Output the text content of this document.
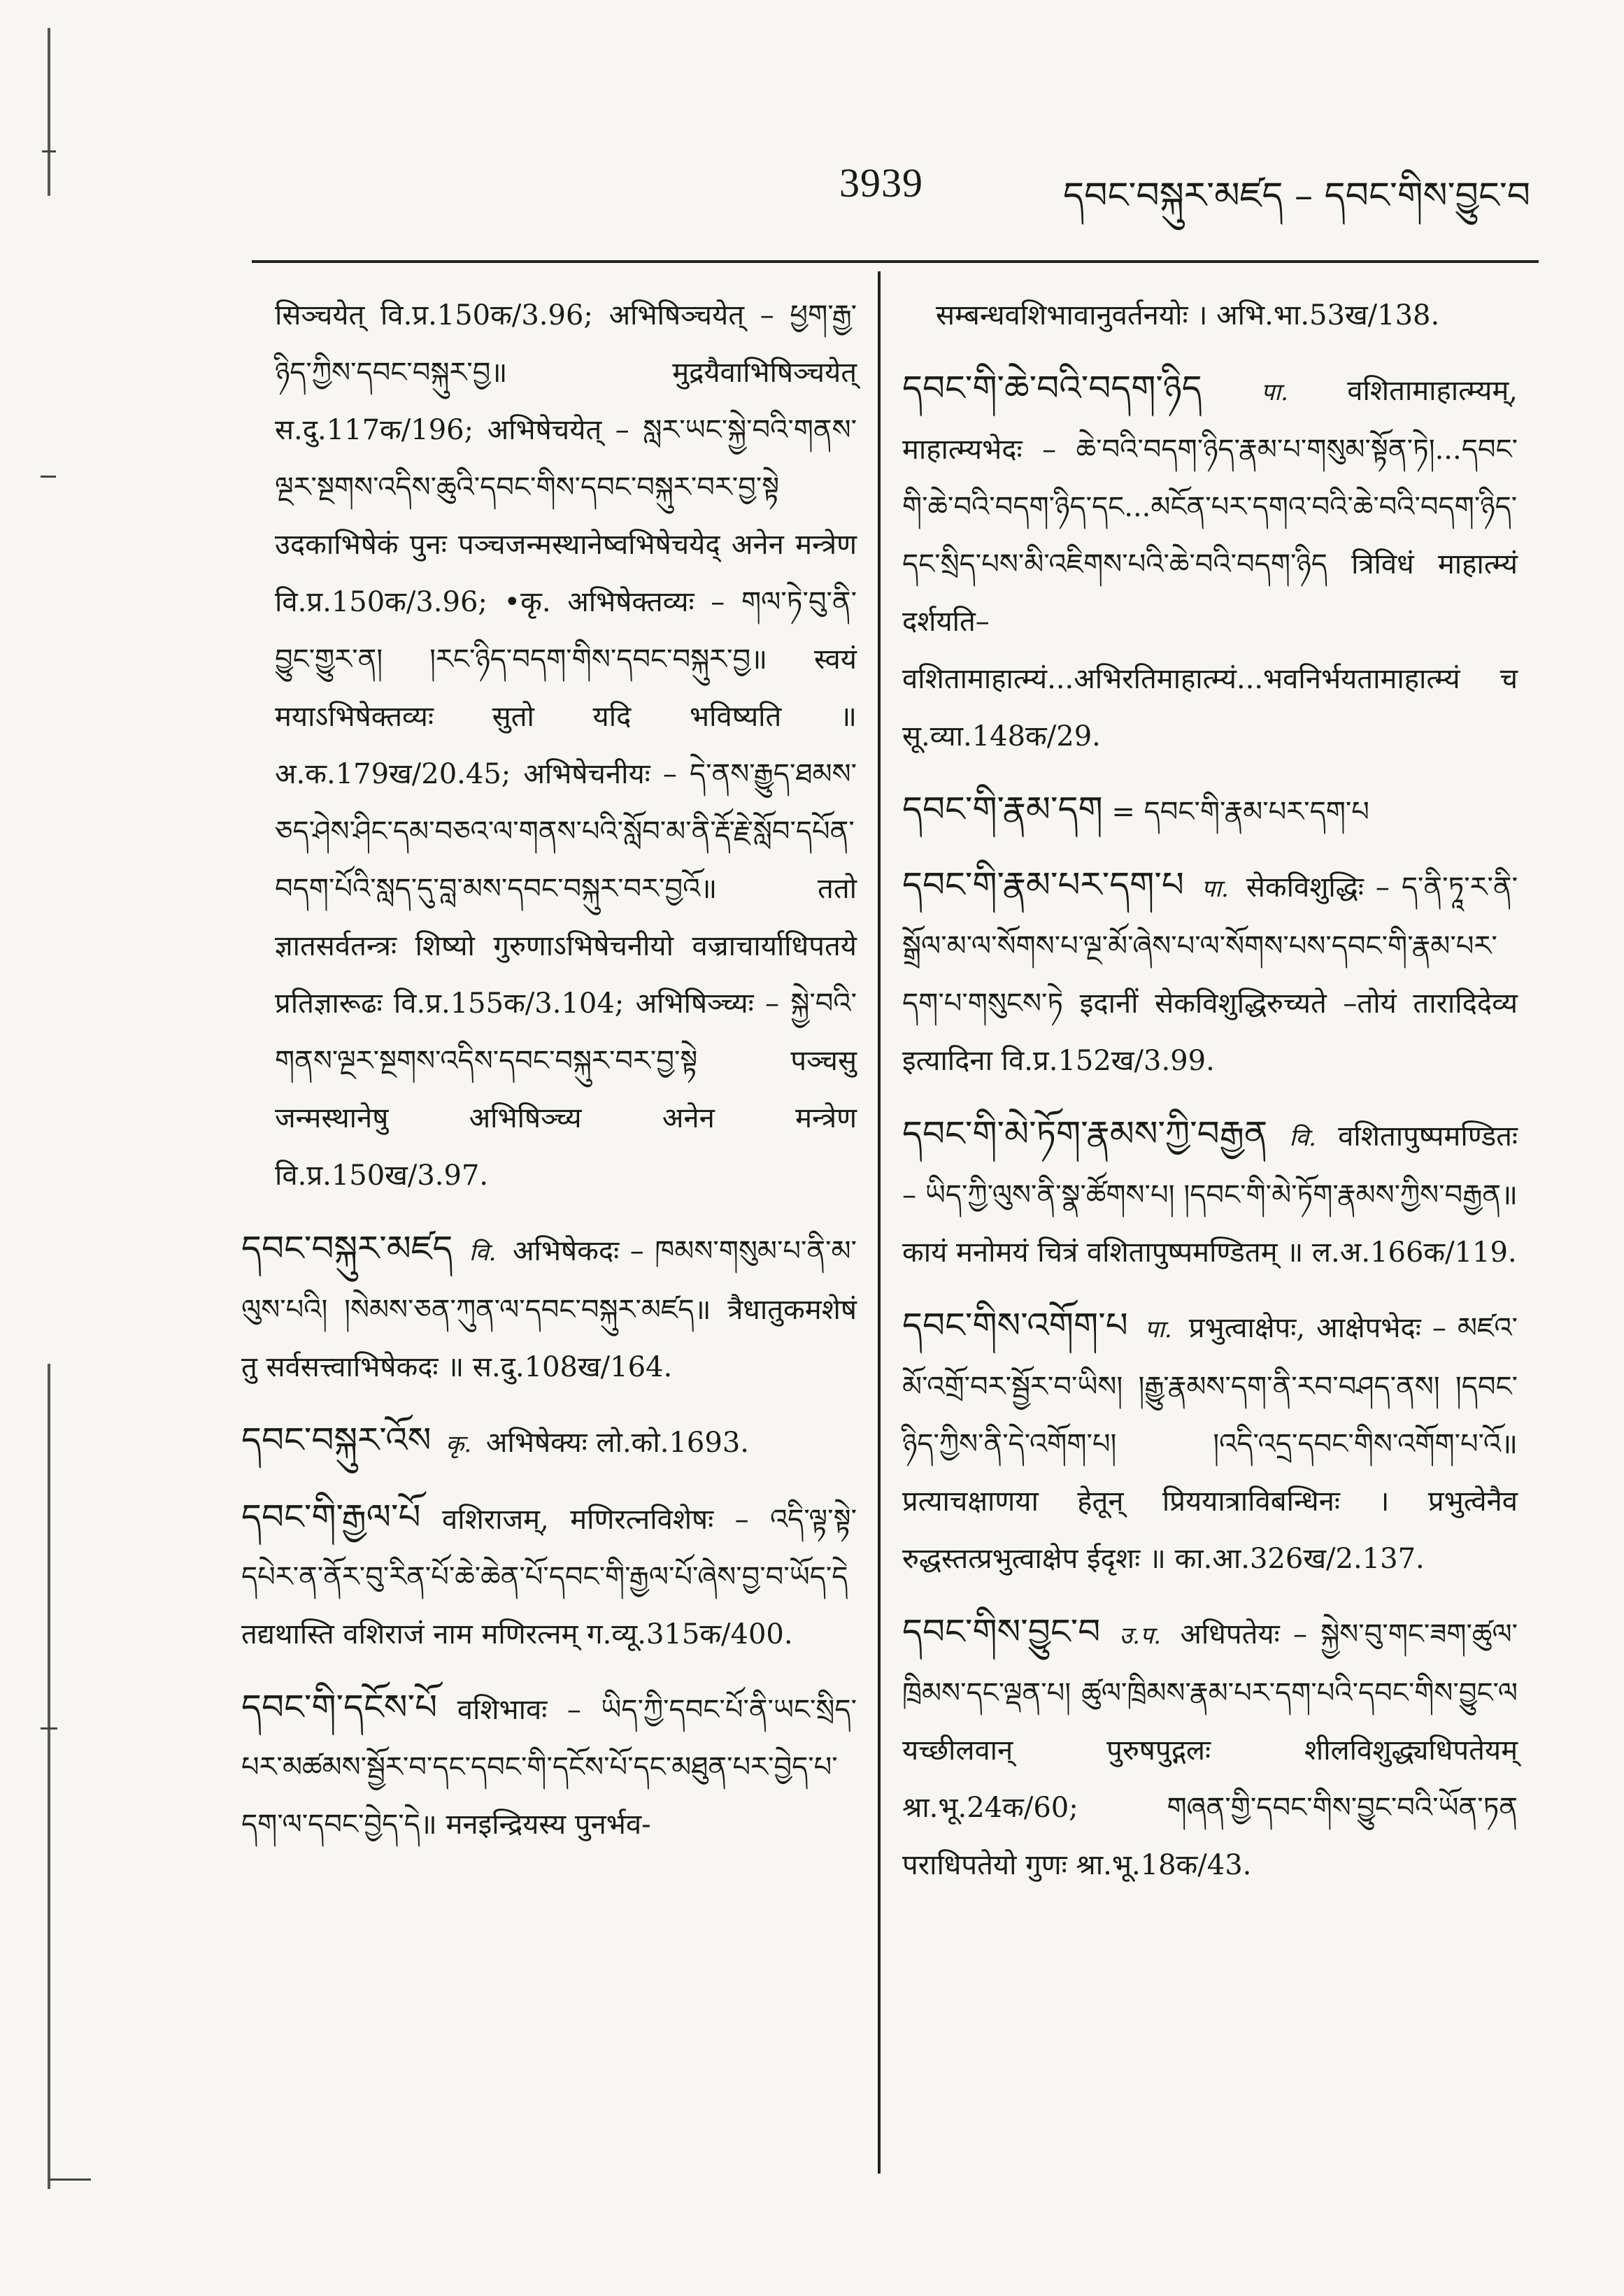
3939	དབང་བསྐུར་མཛད – དབང་གིས་བྱུང་བ

सिञ्चयेत् वि.प्र.150क/3.96; अभिषिञ्चयेत् – ཕྱག་རྒྱ་ཉིད་ཀྱིས་དབང་བསྐུར་བྱ॥ मुद्रयैवाभिषिञ्चयेत् स.दु.117क/196; अभिषेचयेत् – སླར་ཡང་སྐྱེ་བའི་གནས་ལྔར་སྔགས་འདིས་ཆུའི་དབང་གིས་དབང་བསྐུར་བར་བྱ་སྟེ उदकाभिषेकं पुनः पञ्चजन्मस्थानेष्वभिषेचयेद् अनेन मन्त्रेण वि.प्र.150क/3.96; •कृ. अभिषेक्तव्यः – གལ་ཏེ་བུ་ནི་བྱུང་གྱུར་ན། །རང་ཉིད་བདག་གིས་དབང་བསྐུར་བྱ॥ स्वयं मयाऽभिषेक्तव्यः सुतो यदि भविष्यति ॥ अ.क.179ख/20.45; अभिषेचनीयः – དེ་ནས་རྒྱུད་ཐམས་ཅད་ཤེས་ཤིང་དམ་བཅའ་ལ་གནས་པའི་སློབ་མ་ནི་རྡོ་རྗེ་སློབ་དཔོན་བདག་པོའི་སླད་དུ་བླ་མས་དབང་བསྐུར་བར་བྱའོ॥ ततो ज्ञातसर्वतन्त्रः शिष्यो गुरुणाऽभिषेचनीयो वज्राचार्याधिपतये प्रतिज्ञारूढः वि.प्र.155क/3.104; अभिषिञ्च्यः – སྐྱེ་བའི་གནས་ལྔར་སྔགས་འདིས་དབང་བསྐུར་བར་བྱ་སྟེ पञ्चसु जन्मस्थानेषु अभिषिञ्च्य अनेन मन्त्रेण वि.प्र.150ख/3.97.

དབང་བསྐུར་མཛད वि. अभिषेकदः – ཁམས་གསུམ་པ་ནི་མ་ལུས་པའི། །སེམས་ཅན་ཀུན་ལ་དབང་བསྐུར་མཛད॥ त्रैधातुकमशेषं तु सर्वसत्त्वाभिषेकदः ॥ स.दु.108ख/164.

དབང་བསྐུར་འོས कृ. अभिषेक्यः लो.को.1693.

དབང་གི་རྒྱལ་པོ वशिराजम्, मणिरत्नविशेषः – འདི་ལྟ་སྟེ་དཔེར་ན་ནོར་བུ་རིན་པོ་ཆེ་ཆེན་པོ་དབང་གི་རྒྱལ་པོ་ཞེས་བྱ་བ་ཡོད་དེ तद्यथास्ति वशिराजं नाम मणिरत्नम् ग.व्यू.315क/400.

དབང་གི་དངོས་པོ वशिभावः – ཡིད་ཀྱི་དབང་པོ་ནི་ཡང་སྲིད་པར་མཚམས་སྦྱོར་བ་དང་དབང་གི་དངོས་པོ་དང་མཐུན་པར་བྱེད་པ་དག་ལ་དབང་བྱེད་དེ॥ मनइन्द्रियस्य पुनर्भव-

सम्बन्धवशिभावानुवर्तनयोः । अभि.भा.53ख/138.

དབང་གི་ཆེ་བའི་བདག་ཉིད पा. वशितामाहात्म्यम्, माहात्म्यभेदः – ཆེ་བའི་བདག་ཉིད་རྣམ་པ་གསུམ་སྟོན་ཏེ།...དབང་གི་ཆེ་བའི་བདག་ཉིད་དང...མངོན་པར་དགའ་བའི་ཆེ་བའི་བདག་ཉིད་དང་སྲིད་པས་མི་འཇིགས་པའི་ཆེ་བའི་བདག་ཉིད त्रिविधं माहात्म्यं दर्शयति–वशितामाहात्म्यं...अभिरतिमाहात्म्यं...भवनिर्भयतामाहात्म्यं च सू.व्या.148क/29.

དབང་གི་རྣམ་དག = དབང་གི་རྣམ་པར་དག་པ

དབང་གི་རྣམ་པར་དག་པ पा. सेकविशुद्धिः – ད་ནི་ཏཱ་ར་ནི་སྒྲོལ་མ་ལ་སོགས་པ་ལྔ་མོ་ཞེས་པ་ལ་སོགས་པས་དབང་གི་རྣམ་པར་དག་པ་གསུངས་ཏེ इदानीं सेकविशुद्धिरुच्यते –तोयं तारादिदेव्य इत्यादिना वि.प्र.152ख/3.99.

དབང་གི་མེ་ཏོག་རྣམས་ཀྱི་བརྒྱན वि. वशितापुष्पमण्डितः – ཡིད་ཀྱི་ལུས་ནི་སྣ་ཚོགས་པ། །དབང་གི་མེ་ཏོག་རྣམས་ཀྱིས་བརྒྱན॥ कायं मनोमयं चित्रं वशितापुष्पमण्डितम् ॥ ल.अ.166क/119.

དབང་གིས་འགོག་པ पा. प्रभुत्वाक्षेपः, आक्षेपभेदः – མཛའ་མོ་འགྲོ་བར་སྦྱོར་བ་ཡིས། །རྒྱུ་རྣམས་དག་ནི་རབ་བཤད་ནས། །དབང་ཉིད་ཀྱིས་ནི་དེ་འགོག་པ། །འདི་འདྲ་དབང་གིས་འགོག་པ་འོ॥ प्रत्याचक्षाणया हेतून् प्रिययात्राविबन्धिनः । प्रभुत्वेनैव रुद्धस्तत्प्रभुत्वाक्षेप ईदृशः ॥ का.आ.326ख/2.137.

དབང་གིས་བྱུང་བ उ.प. अधिपतेयः – སྐྱེས་བུ་གང་ཟག་ཚུལ་ཁྲིམས་དང་ལྡན་པ། ཚུལ་ཁྲིམས་རྣམ་པར་དག་པའི་དབང་གིས་བྱུང་ལ यच्छीलवान् पुरुषपुद्गलः शीलविशुद्ध्यधिपतेयम् श्रा.भू.24क/60; གཞན་གྱི་དབང་གིས་བྱུང་བའི་ཡོན་ཏན पराधिपतेयो गुणः श्रा.भू.18क/43.
